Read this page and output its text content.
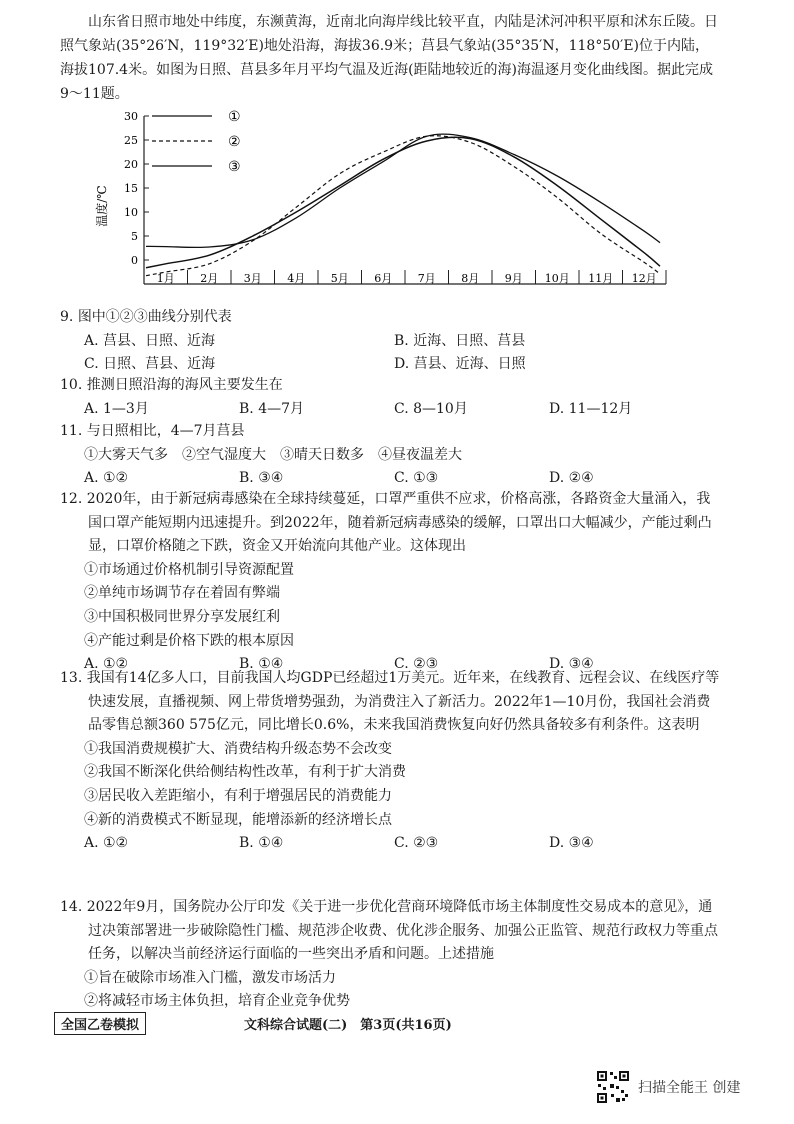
山东省日照市地处中纬度，东濒黄海，近南北向海岸线比较平直，内陆是沭河冲积平原和沭东丘陵。日照气象站(35°26′N，119°32′E)地处沿海，海拔36.9米；莒县气象站(35°35′N，118°50′E)位于内陆，海拔107.4米。如图为日照、莒县多年月平均气温及近海(距陆地较近的海)海温逐月变化曲线图。据此完成9～11题。
0
5
10
15
20
25
30
1月 2月 3月 4月 5月 6月 7月 8月 9月 10月 11月 12月
①
②
③
温度/℃
9. 图中①②③曲线分别代表
A. 莒县、日照、近海	B. 近海、日照、莒县
C. 日照、莒县、近海	D. 莒县、近海、日照
10. 推测日照沿海的海风主要发生在
A. 1—3月	B. 4—7月	C. 8—10月	D. 11—12月
11. 与日照相比，4—7月莒县
①大雾天气多　②空气湿度大　③晴天日数多　④昼夜温差大
A. ①②	B. ③④	C. ①③	D. ②④
12. 2020年，由于新冠病毒感染在全球持续蔓延，口罩严重供不应求，价格高涨，各路资金大量涌入，我国口罩产能短期内迅速提升。到2022年，随着新冠病毒感染的缓解，口罩出口大幅减少，产能过剩凸显，口罩价格随之下跌，资金又开始流向其他产业。这体现出
①市场通过价格机制引导资源配置
②单纯市场调节存在着固有弊端
③中国积极同世界分享发展红利
④产能过剩是价格下跌的根本原因
A. ①②	B. ①④	C. ②③	D. ③④
13. 我国有14亿多人口，目前我国人均GDP已经超过1万美元。近年来，在线教育、远程会议、在线医疗等快速发展，直播视频、网上带货增势强劲，为消费注入了新活力。2022年1—10月份，我国社会消费品零售总额360 575亿元，同比增长0.6%，未来我国消费恢复向好仍然具备较多有利条件。这表明
①我国消费规模扩大、消费结构升级态势不会改变
②我国不断深化供给侧结构性改革，有利于扩大消费
③居民收入差距缩小，有利于增强居民的消费能力
④新的消费模式不断显现，能增添新的经济增长点
A. ①②	B. ①④	C. ②③	D. ③④
14. 2022年9月，国务院办公厅印发《关于进一步优化营商环境降低市场主体制度性交易成本的意见》，通过决策部署进一步破除隐性门槛、规范涉企收费、优化涉企服务、加强公正监管、规范行政权力等重点任务，以解决当前经济运行面临的一些突出矛盾和问题。上述措施
①旨在破除市场准入门槛，激发市场活力
②将减轻市场主体负担，培育企业竞争优势
全国乙卷模拟	文科综合试题(二)　第3页(共16页)
扫描全能王 创建
